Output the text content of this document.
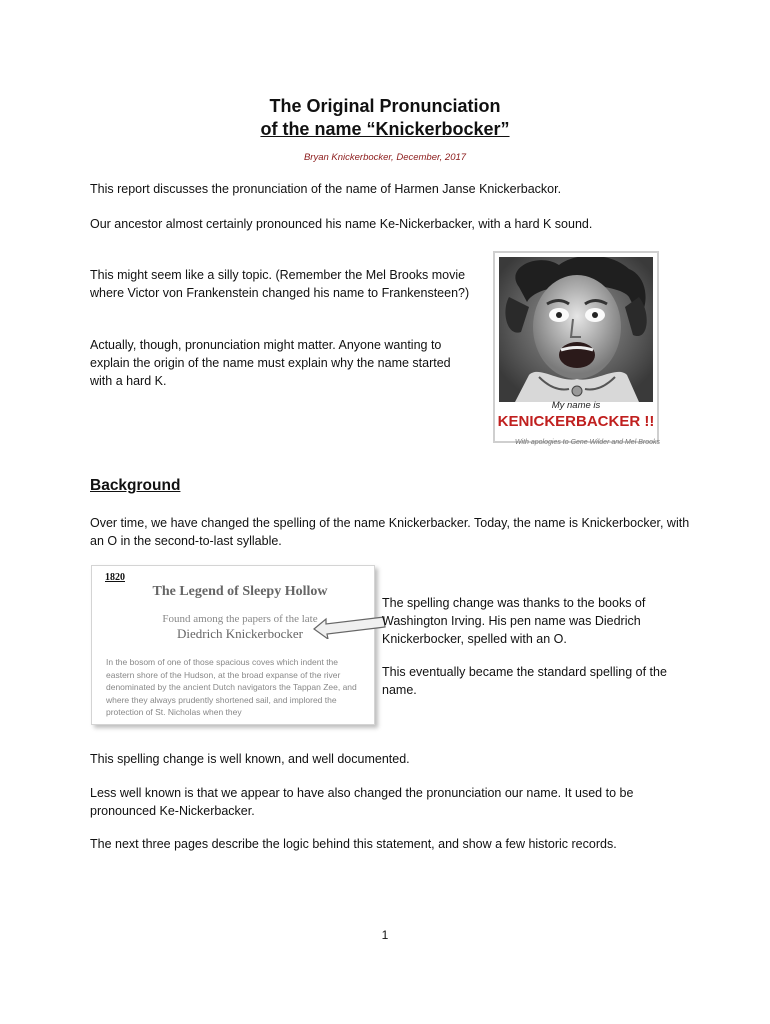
The Original Pronunciation
of the name “Knickerbocker”
Bryan Knickerbocker, December, 2017
This report discusses the pronunciation of the name of Harmen Janse Knickerbackor.
Our ancestor almost certainly pronounced his name Ke-Nickerbacker, with a hard K sound.
This might seem like a silly topic. (Remember the Mel Brooks movie where Victor von Frankenstein changed his name to Frankensteen?)
Actually, though, pronunciation might matter. Anyone wanting to explain the origin of the name must explain why the name started with a hard K.
My name is
KENICKERBACKER !!
With apologies to Gene Wilder and Mel Brooks
Background
Over time, we have changed the spelling of the name Knickerbacker. Today, the name is Knickerbocker, with an O in the second-to-last syllable.
1820
The Legend of Sleepy Hollow
Found among the papers of the late
Diedrich Knickerbocker
In the bosom of one of those spacious coves which indent the eastern shore of the Hudson, at the broad expanse of the river denominated by the ancient Dutch navigators the Tappan Zee, and where they always prudently shortened sail, and implored the protection of St. Nicholas when they
The spelling change was thanks to the books of Washington Irving. His pen name was Diedrich Knickerbocker, spelled with an O.
This eventually became the standard spelling of the name.
This spelling change is well known, and well documented.
Less well known is that we appear to have also changed the pronunciation our name. It used to be pronounced Ke-Nickerbacker.
The next three pages describe the logic behind this statement, and show a few historic records.
1
